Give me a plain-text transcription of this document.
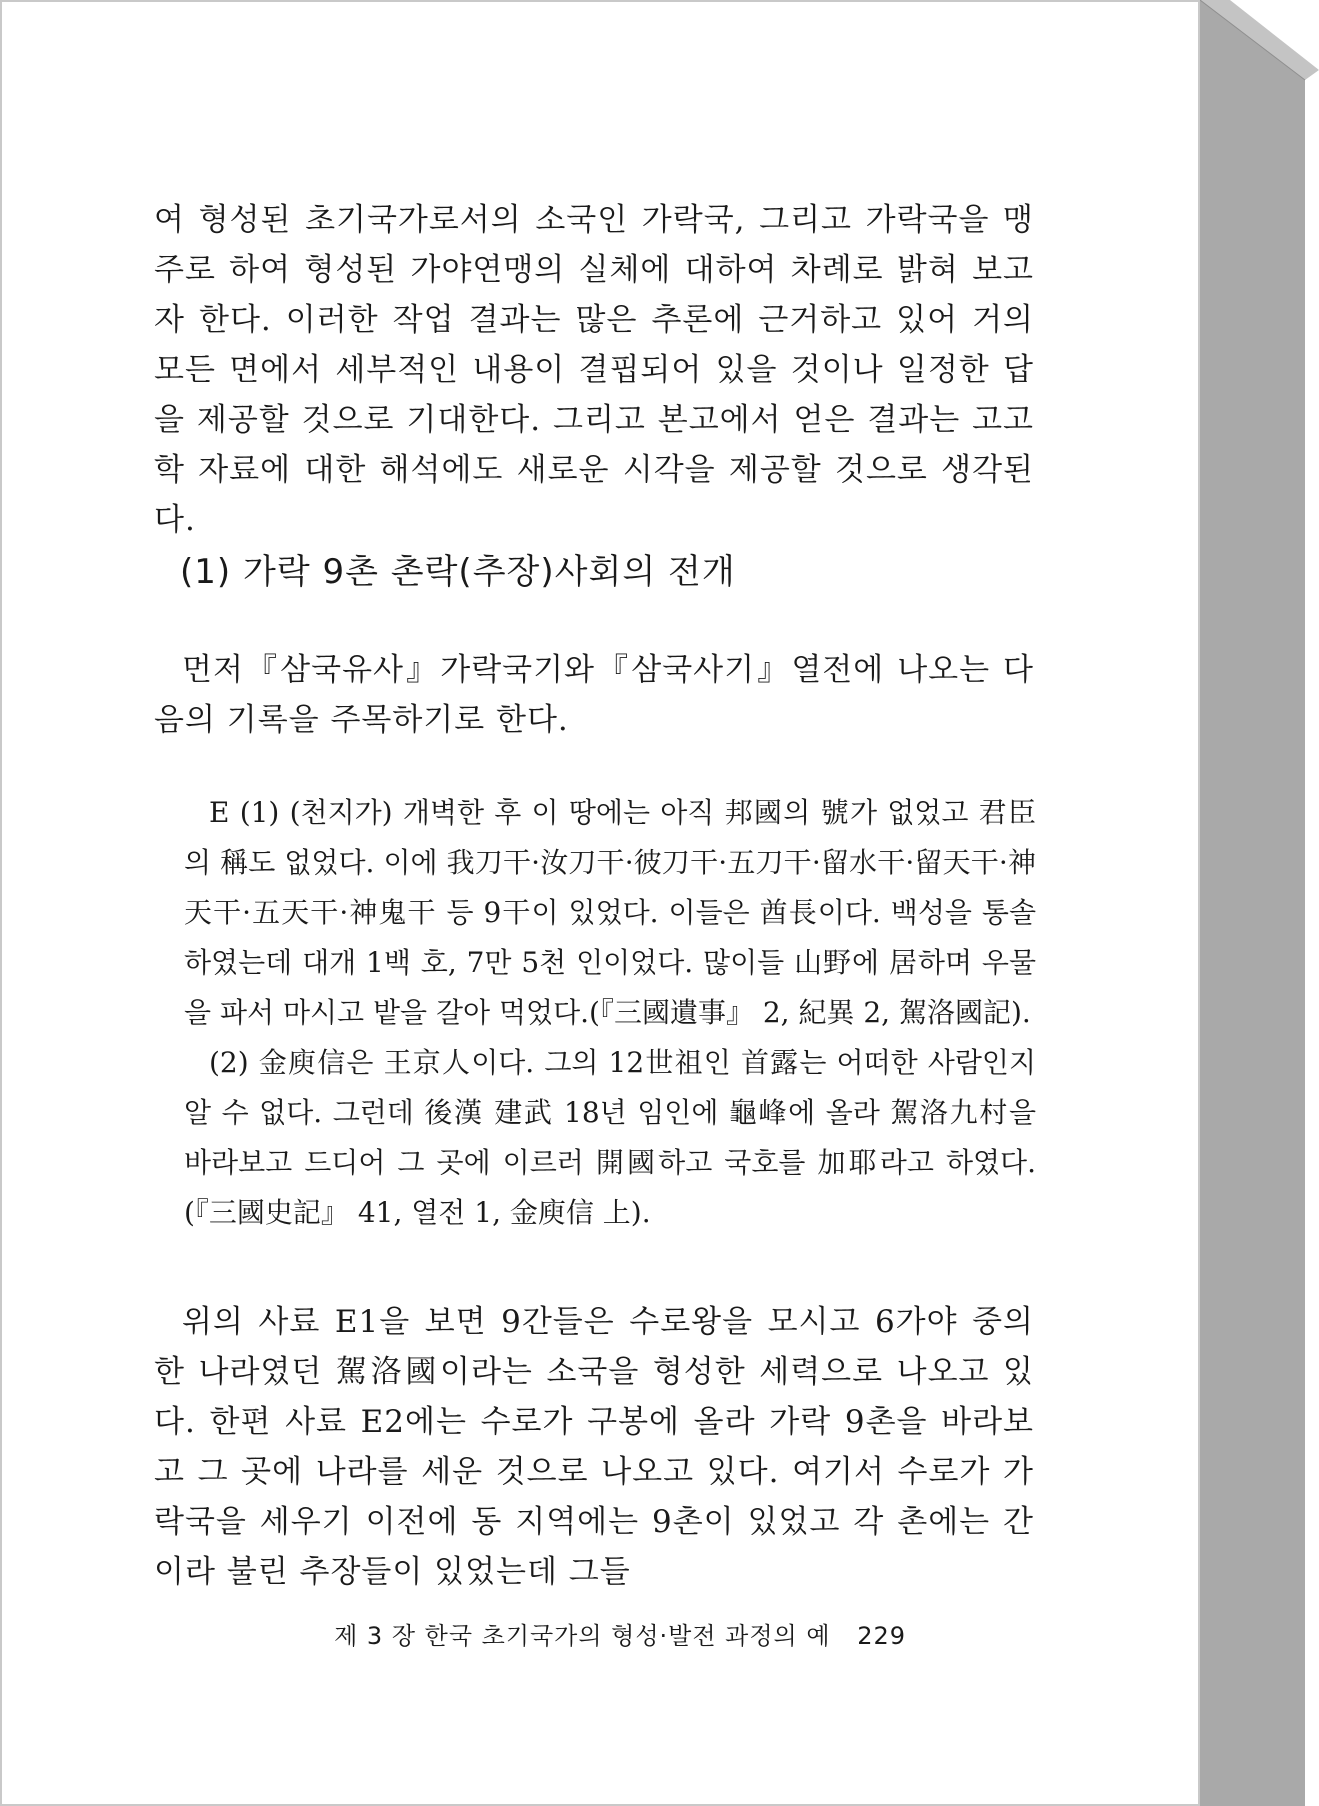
여 형성된 초기국가로서의 소국인 가락국, 그리고 가락국을 맹주로 하여 형성된 가야연맹의 실체에 대하여 차례로 밝혀 보고자 한다. 이러한 작업 결과는 많은 추론에 근거하고 있어 거의 모든 면에서 세부적인 내용이 결핍되어 있을 것이나 일정한 답을 제공할 것으로 기대한다. 그리고 본고에서 얻은 결과는 고고학 자료에 대한 해석에도 새로운 시각을 제공할 것으로 생각된다.

(1) 가락 9촌 촌락(추장)사회의 전개

먼저『삼국유사』가락국기와『삼국사기』열전에 나오는 다음의 기록을 주목하기로 한다.

E (1) (천지가) 개벽한 후 이 땅에는 아직 邦國의 號가 없었고 君臣의 稱도 없었다. 이에 我刀干·汝刀干·彼刀干·五刀干·留水干·留天干·神天干·五天干·神鬼干 등 9干이 있었다. 이들은 酋長이다. 백성을 통솔하였는데 대개 1백 호, 7만 5천 인이었다. 많이들 山野에 居하며 우물을 파서 마시고 밭을 갈아 먹었다.(『三國遺事』 2, 紀異 2, 駕洛國記).

(2) 金庾信은 王京人이다. 그의 12世祖인 首露는 어떠한 사람인지 알 수 없다. 그런데 後漢 建武 18년 임인에 龜峰에 올라 駕洛九村을 바라보고 드디어 그 곳에 이르러 開國하고 국호를 加耶라고 하였다.(『三國史記』 41, 열전 1, 金庾信 上).

위의 사료 E1을 보면 9간들은 수로왕을 모시고 6가야 중의 한 나라였던 駕洛國이라는 소국을 형성한 세력으로 나오고 있다. 한편 사료 E2에는 수로가 구봉에 올라 가락 9촌을 바라보고 그 곳에 나라를 세운 것으로 나오고 있다. 여기서 수로가 가락국을 세우기 이전에 동 지역에는 9촌이 있었고 각 촌에는 간이라 불린 추장들이 있었는데 그들

제 3 장 한국 초기국가의 형성·발전 과정의 예 229
